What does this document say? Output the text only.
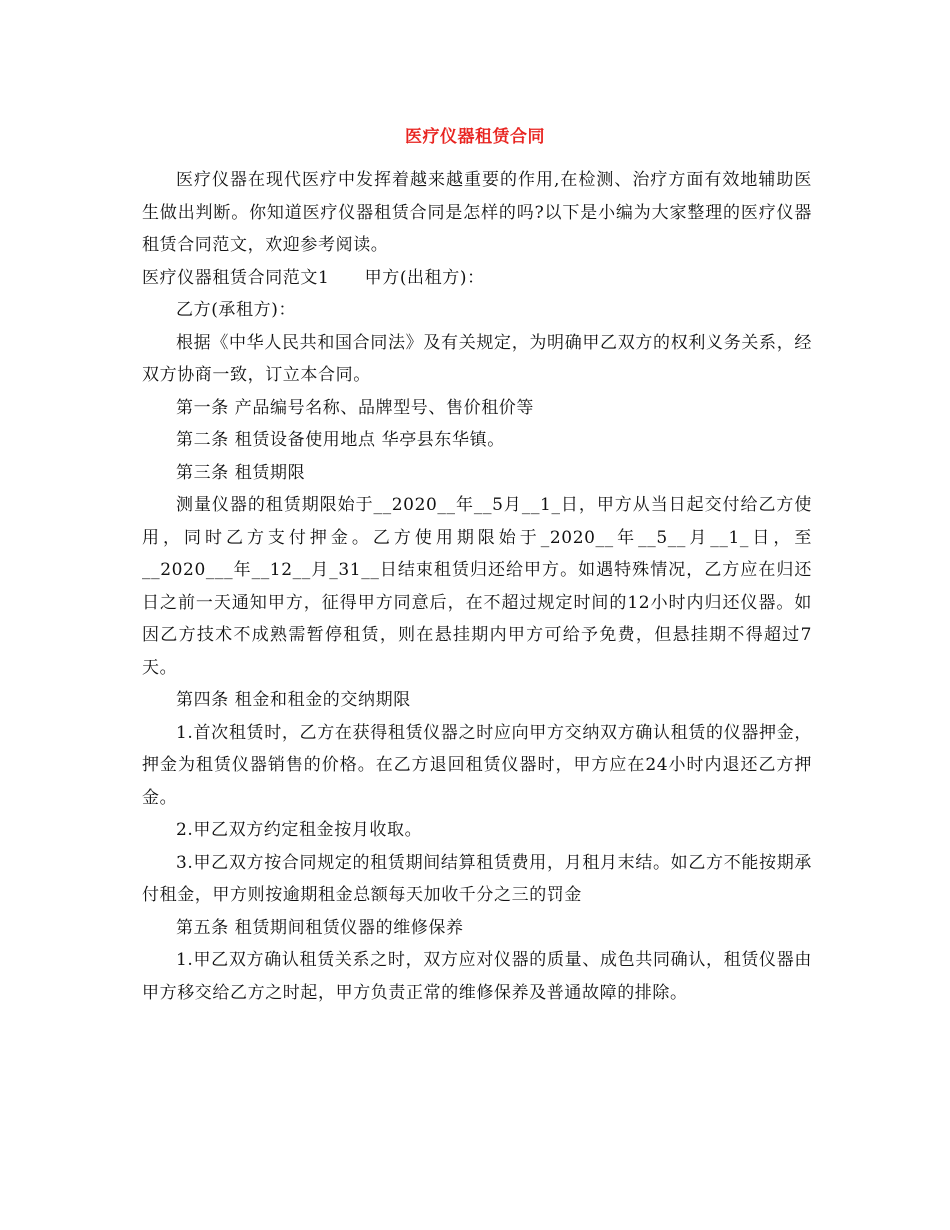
医疗仪器租赁合同

医疗仪器在现代医疗中发挥着越来越重要的作用,在检测、治疗方面有效地辅助医生做出判断。你知道医疗仪器租赁合同是怎样的吗?以下是小编为大家整理的医疗仪器租赁合同范文，欢迎参考阅读。

医疗仪器租赁合同范文1　　甲方(出租方)：

乙方(承租方)：

根据《中华人民共和国合同法》及有关规定，为明确甲乙双方的权利义务关系，经双方协商一致，订立本合同。

第一条 产品编号名称、品牌型号、售价租价等

第二条 租赁设备使用地点 华亭县东华镇。

第三条 租赁期限

测量仪器的租赁期限始于__2020__年__5月__1_日，甲方从当日起交付给乙方使用，同时乙方支付押金。乙方使用期限始于_2020__年__5__月__1_日，至__2020___年__12__月_31__日结束租赁归还给甲方。如遇特殊情况，乙方应在归还日之前一天通知甲方，征得甲方同意后，在不超过规定时间的12小时内归还仪器。如因乙方技术不成熟需暂停租赁，则在悬挂期内甲方可给予免费，但悬挂期不得超过7天。

第四条 租金和租金的交纳期限

1.首次租赁时，乙方在获得租赁仪器之时应向甲方交纳双方确认租赁的仪器押金，押金为租赁仪器销售的价格。在乙方退回租赁仪器时，甲方应在24小时内退还乙方押金。

2.甲乙双方约定租金按月收取。

3.甲乙双方按合同规定的租赁期间结算租赁费用，月租月末结。如乙方不能按期承付租金，甲方则按逾期租金总额每天加收千分之三的罚金

第五条 租赁期间租赁仪器的维修保养

1.甲乙双方确认租赁关系之时，双方应对仪器的质量、成色共同确认，租赁仪器由甲方移交给乙方之时起，甲方负责正常的维修保养及普通故障的排除。
